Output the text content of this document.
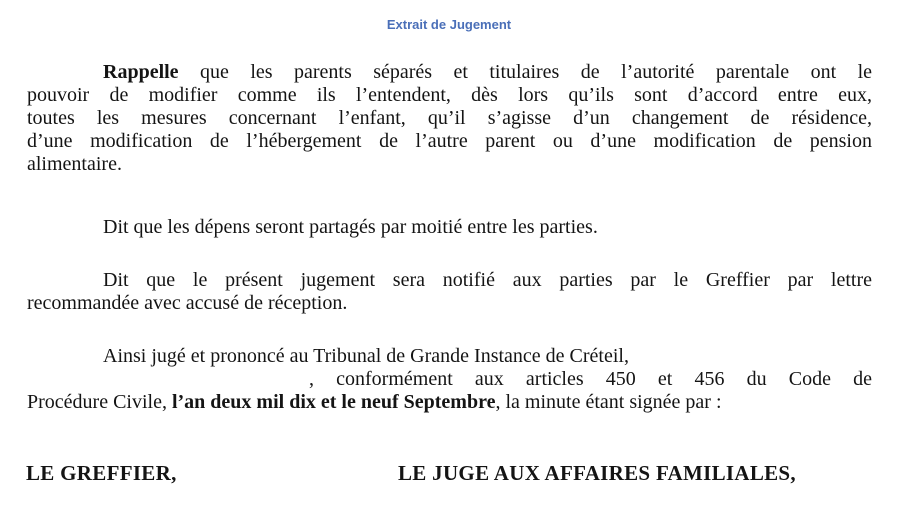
Extrait de Jugement
Rappelle que les parents séparés et titulaires de l’autorité parentale ont le
pouvoir de modifier comme ils l’entendent, dès lors qu’ils sont d’accord entre eux,
toutes les mesures concernant l’enfant, qu’il s’agisse d’un changement de résidence,
d’une modification de l’hébergement de l’autre parent ou d’une modification de pension
alimentaire.
Dit que les dépens seront partagés par moitié entre les parties.
Dit que le présent jugement sera notifié aux parties par le Greffier par lettre
recommandée avec accusé de réception.
Ainsi jugé et prononcé au Tribunal de Grande Instance de Créteil,
, conformément aux articles 450 et 456 du Code de
Procédure Civile, l’an deux mil dix et le neuf Septembre, la minute étant signée par :
LE GREFFIER,	LE JUGE AUX AFFAIRES FAMILIALES,
